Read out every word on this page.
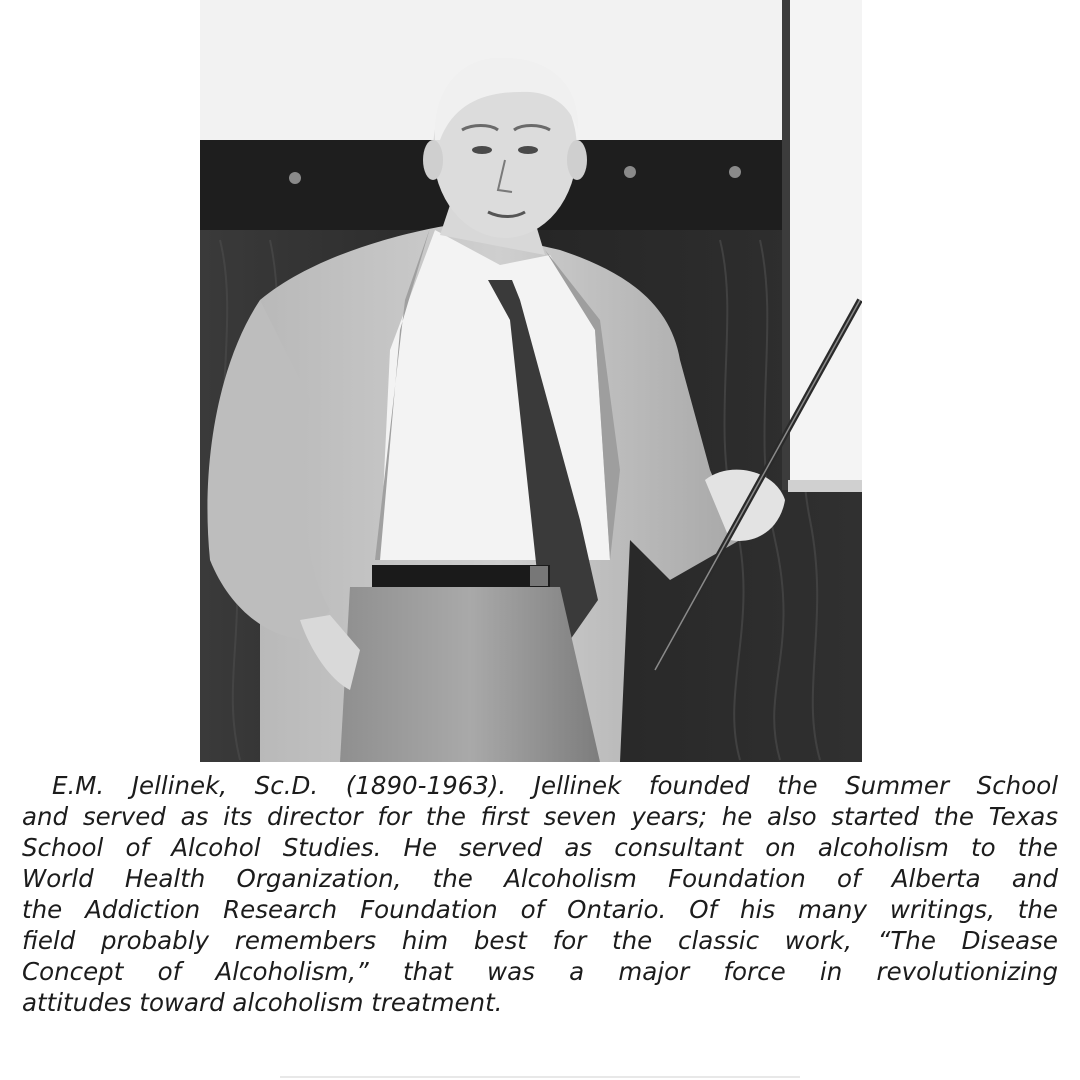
E.M. Jellinek, Sc.D. (1890-1963). Jellinek founded the Summer School
and served as its director for the first seven years; he also started the Texas
School of Alcohol Studies. He served as consultant on alcoholism to the
World Health Organization, the Alcoholism Foundation of Alberta and
the Addiction Research Foundation of Ontario. Of his many writings, the
field probably remembers him best for the classic work, “The Disease
Concept of Alcoholism,” that was a major force in revolutionizing
attitudes toward alcoholism treatment.
